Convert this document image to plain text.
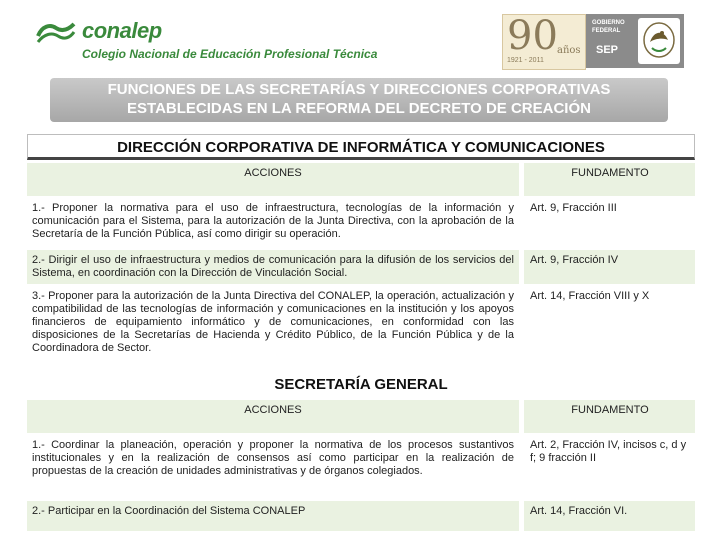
conalep
Colegio Nacional de Educación Profesional Técnica	90 años
1921 - 2011
GOBIERNO FEDERAL
SEP
FUNCIONES DE LAS SECRETARÍAS Y DIRECCIONES CORPORATIVAS
ESTABLECIDAS EN LA REFORMA DEL DECRETO DE CREACIÓN
DIRECCIÓN CORPORATIVA DE INFORMÁTICA Y COMUNICACIONES
ACCIONES	FUNDAMENTO
1.- Proponer la normativa para el uso de infraestructura, tecnologías de la información y comunicación para el Sistema, para la autorización de la Junta Directiva, con la aprobación de la Secretaría de la Función Pública, así como dirigir su operación.
Art. 9, Fracción III
2.- Dirigir el uso de infraestructura y medios de comunicación para la difusión de los servicios del Sistema, en coordinación con la Dirección de Vinculación Social.
Art. 9, Fracción IV
3.- Proponer para la autorización de la Junta Directiva del CONALEP, la operación, actualización y compatibilidad de las tecnologías de información y comunicaciones en la institución y los apoyos financieros de equipamiento informático y de comunicaciones, en conformidad con las disposiciones de la Secretarías de Hacienda y Crédito Público, de la Función Pública y de la Coordinadora de Sector.
Art. 14, Fracción VIII y X
SECRETARÍA GENERAL
ACCIONES	FUNDAMENTO
1.- Coordinar la planeación, operación y proponer la normativa de los procesos sustantivos institucionales y en la realización de consensos así como participar en la realización de propuestas de la creación de unidades administrativas y de órganos colegiados.
Art. 2, Fracción IV, incisos c, d y f; 9 fracción II
2.- Participar en la Coordinación del Sistema CONALEP	Art. 14, Fracción VI.
